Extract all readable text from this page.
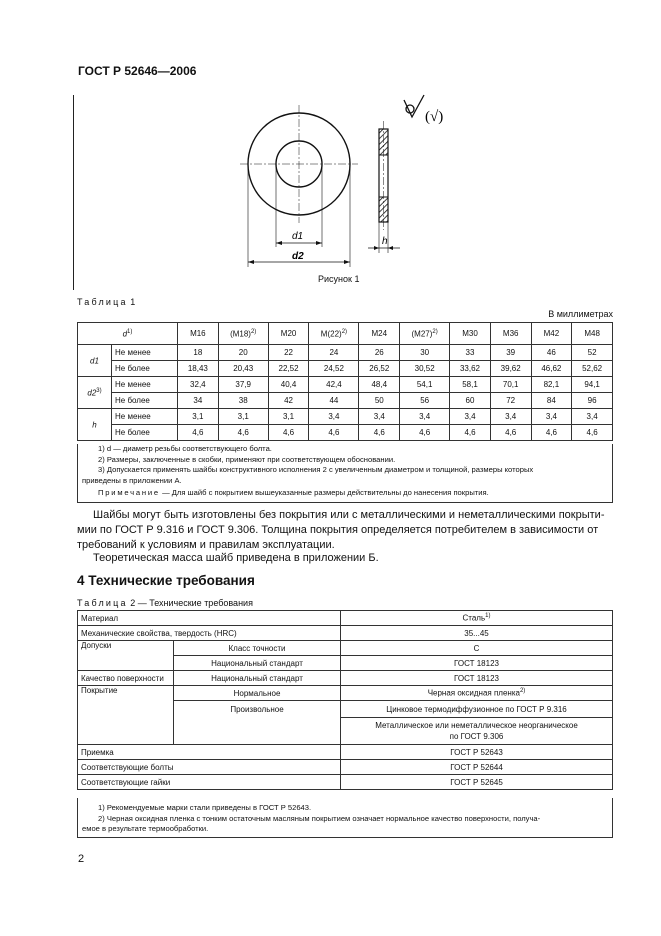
ГОСТ Р 52646—2006
(√)
d1
d2
h
Рисунок 1
Таблица 1
В миллиметрах
$d^{1)}$		M16	$(M18)^{2)}$	M20	$M(22)^{2)}$	M24	$(M27)^{2)}$	M30	M36	M42	M48
d1	Не менее	18	20	22	24	26	30	33	39	46	52
	Не более	18,43	20,43	22,52	24,52	26,52	30,52	33,62	39,62	46,62	52,62
d2$^{3)}$	Не менее	32,4	37,9	40,4	42,4	48,4	54,1	58,1	70,1	82,1	94,1
	Не более	34	38	42	44	50	56	60	72	84	96
h	Не менее	3,1	3,1	3,1	3,4	3,4	3,4	3,4	3,4	3,4	3,4
	Не более	4,6	4,6	4,6	4,6	4,6	4,6	4,6	4,6	4,6	4,6
1) d — диаметр резьбы соответствующего болта.
2) Размеры, заключенные в скобки, применяют при соответствующем обосновании.
3) Допускается применять шайбы конструктивного исполнения 2 с увеличенным диаметром и толщиной, размеры которых
приведены в приложении А.
Примечание — Для шайб с покрытием вышеуказанные размеры действительны до нанесения покрытия.
Шайбы могут быть изготовлены без покрытия или с металлическими и неметаллическими покрыти-мии по ГОСТ Р 9.316 и ГОСТ 9.306. Толщина покрытия определяется потребителем в зависимости от требований к условиям и правилам эксплуатации.
Теоретическая масса шайб приведена в приложении Б.
4 Технические требования
Таблица 2 — Технические требования
Материал		Сталь$^{1)}$
Механические свойства, твердость (HRC)		35...45
Допуски	Класс точности	C
	Национальный стандарт	ГОСТ 18123
Качество поверхности	Национальный стандарт	ГОСТ 18123
Покрытие	Нормальное	Черная оксидная пленка$^{2)}$
	Произвольное	Цинковое термодиффузионное по ГОСТ Р 9.316
		Металлическое или неметаллическое неорганическое
по ГОСТ 9.306
Приемка		ГОСТ Р 52643
Соответствующие болты		ГОСТ Р 52644
Соответствующие гайки		ГОСТ Р 52645
1) Рекомендуемые марки стали приведены в ГОСТ Р 52643.
2) Черная оксидная пленка с тонким остаточным масляным покрытием означает нормальное качество поверхности, получа-
емое в результате термообработки.
2
